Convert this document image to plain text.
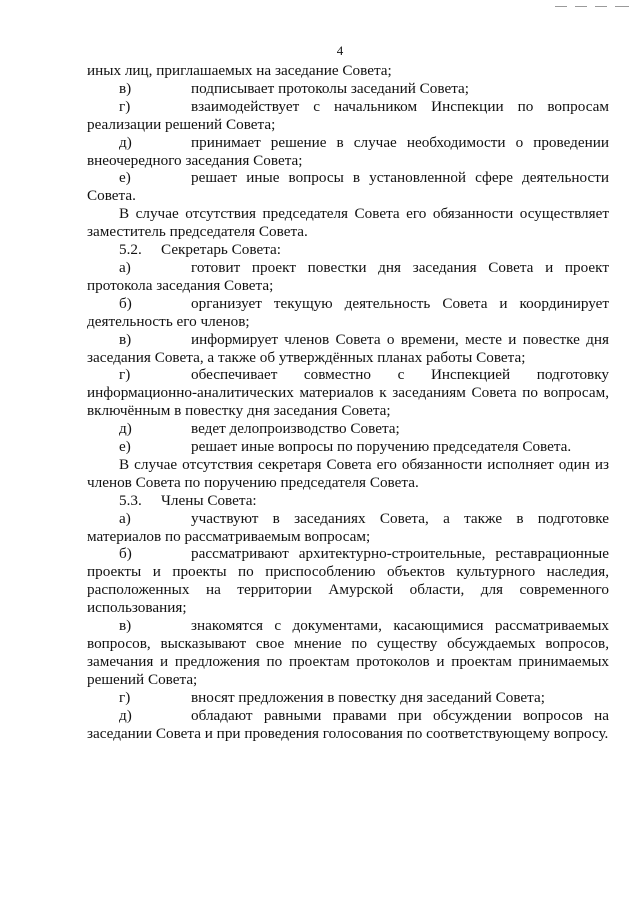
4

иных лиц, приглашаемых на заседание Совета;

в)	подписывает протоколы заседаний Совета;

г)	взаимодействует с начальником Инспекции по вопросам реализации решений Совета;

д)	принимает решение в случае необходимости о проведении внеочередного заседания Совета;

е)	решает иные вопросы в установленной сфере деятельности Совета.

В случае отсутствия председателя Совета его обязанности осуществляет заместитель председателя Совета.

5.2. Секретарь Совета:

а)	готовит проект повестки дня заседания Совета и проект протокола заседания Совета;

б)	организует текущую деятельность Совета и координирует деятельность его членов;

в)	информирует членов Совета о времени, месте и повестке дня заседания Совета, а также об утверждённых планах работы Совета;

г)	обеспечивает совместно с Инспекцией подготовку информационно-аналитических материалов к заседаниям Совета по вопросам, включённым в повестку дня заседания Совета;

д)	ведет делопроизводство Совета;

е)	решает иные вопросы по поручению председателя Совета.

В случае отсутствия секретаря Совета его обязанности исполняет один из членов Совета по поручению председателя Совета.

5.3. Члены Совета:

а)	участвуют в заседаниях Совета, а также в подготовке материалов по рассматриваемым вопросам;

б)	рассматривают архитектурно-строительные, реставрационные проекты и проекты по приспособлению объектов культурного наследия, расположенных на территории Амурской области, для современного использования;

в)	знакомятся с документами, касающимися рассматриваемых вопросов, высказывают свое мнение по существу обсуждаемых вопросов, замечания и предложения по проектам протоколов и проектам принимаемых решений Совета;

г)	вносят предложения в повестку дня заседаний Совета;

д)	обладают равными правами при обсуждении вопросов на заседании Совета и при проведения голосования по соответствующему вопросу.
